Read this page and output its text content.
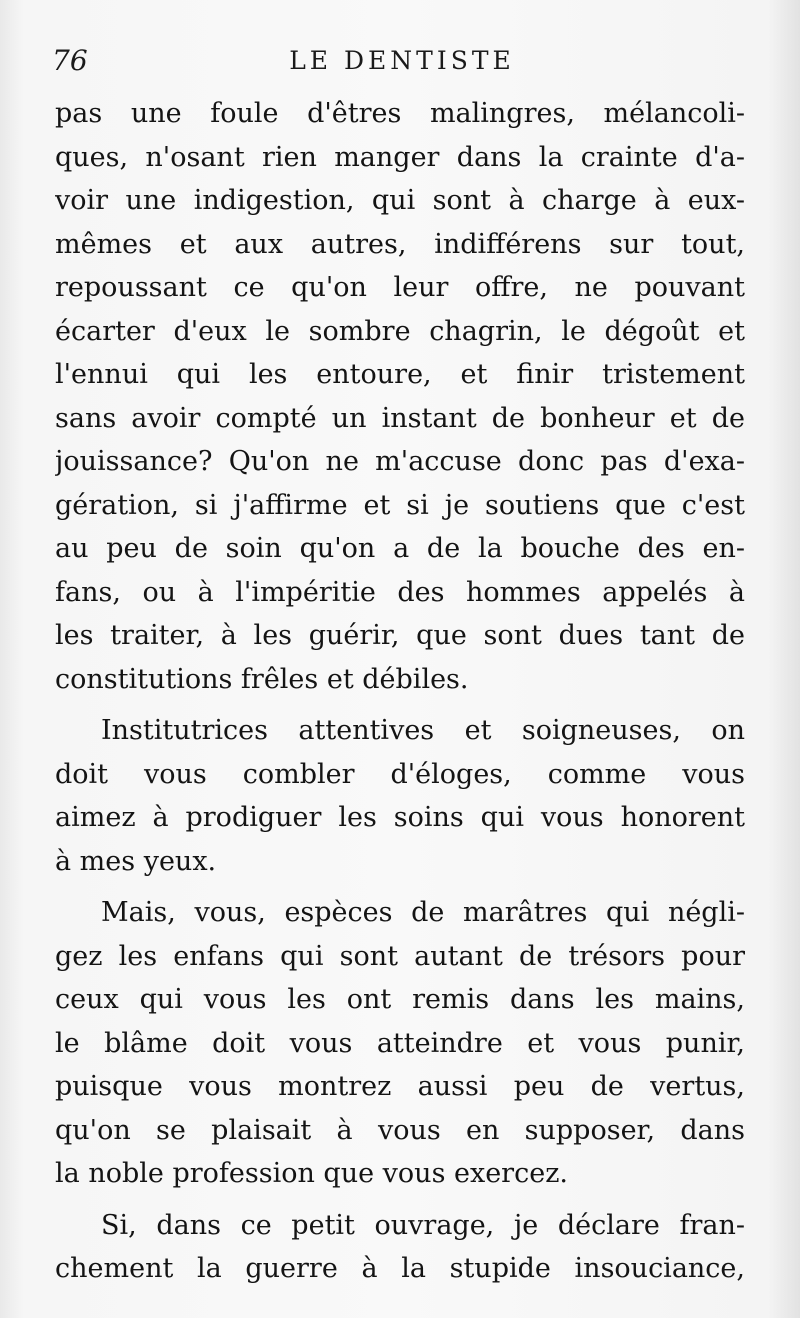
76	LE DENTISTE
pas une foule d'êtres malingres, mélancoli-
ques, n'osant rien manger dans la crainte d'a-
voir une indigestion, qui sont à charge à eux-
mêmes et aux autres, indifférens sur tout,
repoussant ce qu'on leur offre, ne pouvant
écarter d'eux le sombre chagrin, le dégoût et
l'ennui qui les entoure, et finir tristement
sans avoir compté un instant de bonheur et de
jouissance? Qu'on ne m'accuse donc pas d'exa-
gération, si j'affirme et si je soutiens que c'est
au peu de soin qu'on a de la bouche des en-
fans, ou à l'impéritie des hommes appelés à
les traiter, à les guérir, que sont dues tant de
constitutions frêles et débiles.
Institutrices attentives et soigneuses, on
doit vous combler d'éloges, comme vous
aimez à prodiguer les soins qui vous honorent
à mes yeux.
Mais, vous, espèces de marâtres qui négli-
gez les enfans qui sont autant de trésors pour
ceux qui vous les ont remis dans les mains,
le blâme doit vous atteindre et vous punir,
puisque vous montrez aussi peu de vertus,
qu'on se plaisait à vous en supposer, dans
la noble profession que vous exercez.
Si, dans ce petit ouvrage, je déclare fran-
chement la guerre à la stupide insouciance,
